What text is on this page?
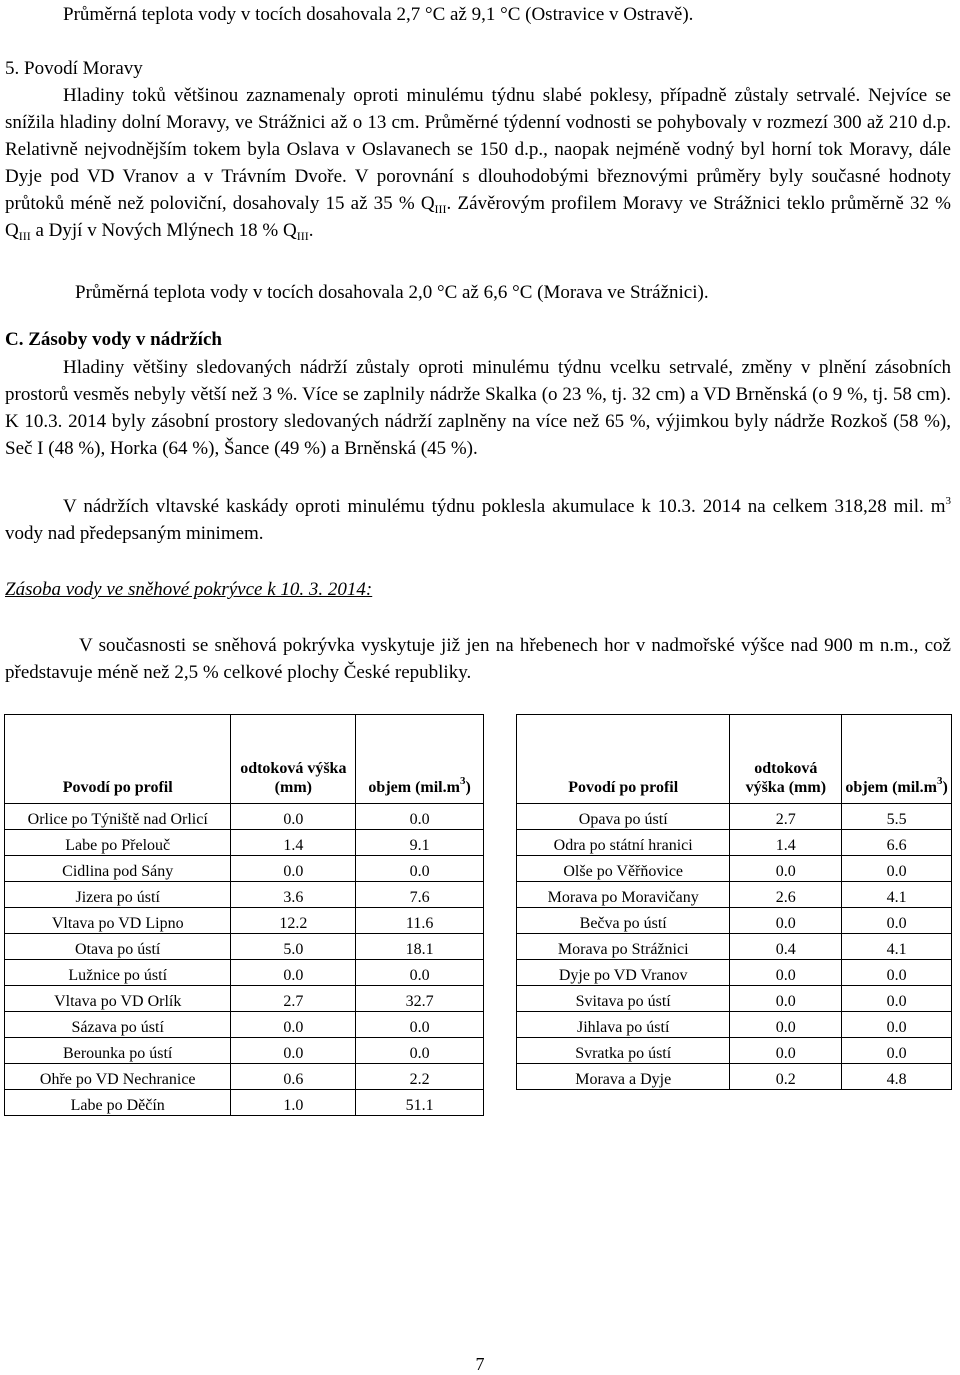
Průměrná teplota vody v tocích dosahovala 2,7 °C až 9,1 °C (Ostravice v Ostravě).

5. Povodí Moravy

Hladiny toků většinou zaznamenaly oproti minulému týdnu slabé poklesy, případně zůstaly setrvalé. Nejvíce se snížila hladiny dolní Moravy, ve Strážnici až o 13 cm. Průměrné týdenní vodnosti se pohybovaly v rozmezí 300 až 210 d.p. Relativně nejvodnějším tokem byla Oslava v Oslavanech se 150 d.p., naopak nejméně vodný byl horní tok Moravy, dále Dyje pod VD Vranov a v Trávním Dvoře. V porovnání s dlouhodobými březnovými průměry byly současné hodnoty průtoků méně než poloviční, dosahovaly 15 až 35 % $Q_{III}$. Závěrovým profilem Moravy ve Strážnici teklo průměrně 32 % $Q_{III}$ a Dyjí v Nových Mlýnech 18 % $Q_{III}$.

Průměrná teplota vody v tocích dosahovala 2,0 °C až 6,6 °C (Morava ve Strážnici).

C. Zásoby vody v nádržích

Hladiny většiny sledovaných nádrží zůstaly oproti minulému týdnu vcelku setrvalé, změny v plnění zásobních prostorů vesměs nebyly větší než 3 %. Více se zaplnily nádrže Skalka (o 23 %, tj. 32 cm) a VD Brněnská (o 9 %, tj. 58 cm). K 10.3. 2014 byly zásobní prostory sledovaných nádrží zaplněny na více než 65 %, výjimkou byly nádrže Rozkoš (58 %), Seč I (48 %), Horka (64 %), Šance (49 %) a Brněnská (45 %).

V nádržích vltavské kaskády oproti minulému týdnu poklesla akumulace k 10.3. 2014 na celkem 318,28 mil. $m^3$ vody nad předepsaným minimem.

Zásoba vody ve sněhové pokrývce k 10. 3. 2014:

V současnosti se sněhová pokrývka vyskytuje již jen na hřebenech hor v nadmořské výšce nad 900 m n.m., což představuje méně než 2,5 % celkové plochy České republiky.

Povodí po profil	odtoková výška (mm)	objem $(mil.m^3)$
Orlice po Týniště nad Orlicí	0.0	0.0
Labe po Přelouč	1.4	9.1
Cidlina pod Sány	0.0	0.0
Jizera po ústí	3.6	7.6
Vltava po VD Lipno	12.2	11.6
Otava po ústí	5.0	18.1
Lužnice po ústí	0.0	0.0
Vltava po VD Orlík	2.7	32.7
Sázava po ústí	0.0	0.0
Berounka po ústí	0.0	0.0
Ohře po VD Nechranice	0.6	2.2
Labe po Děčín	1.0	51.1
Povodí po profil	odtoková výška (mm)	objem $(mil.m^3)$
Opava po ústí	2.7	5.5
Odra po státní hranici	1.4	6.6
Olše po Věřňovice	0.0	0.0
Morava po Moravičany	2.6	4.1
Bečva po ústí	0.0	0.0
Morava po Strážnici	0.4	4.1
Dyje po VD Vranov	0.0	0.0
Svitava po ústí	0.0	0.0
Jihlava po ústí	0.0	0.0
Svratka po ústí	0.0	0.0
Morava a Dyje	0.2	4.8
7
